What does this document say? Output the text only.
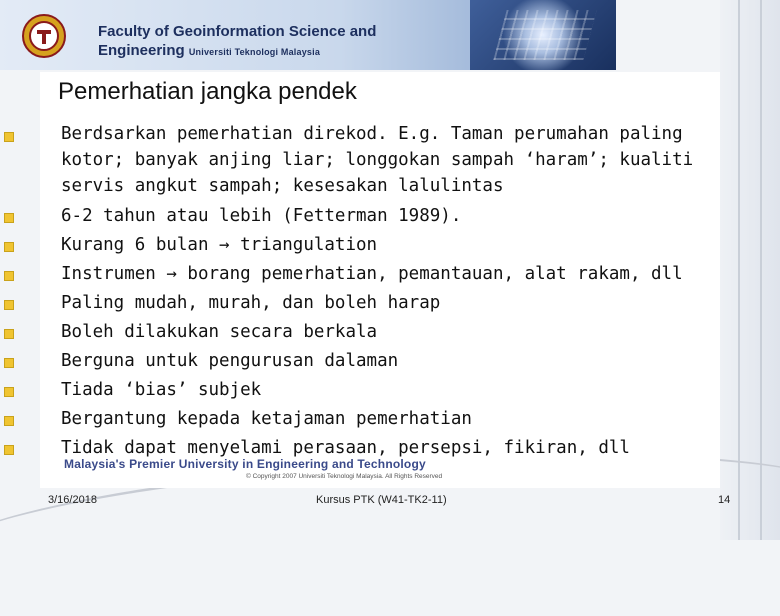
Faculty of Geoinformation Science and
Engineering Universiti Teknologi Malaysia
Pemerhatian jangka pendek
Berdsarkan pemerhatian direkod. E.g. Taman perumahan paling kotor; banyak anjing liar; longgokan sampah ‘haram’; kualiti servis angkut sampah; kesesakan lalulintas
6-2 tahun atau lebih (Fetterman 1989).
Kurang 6 bulan → triangulation
Instrumen → borang pemerhatian, pemantauan, alat rakam, dll
Paling mudah, murah, dan boleh harap
Boleh dilakukan secara berkala
Berguna untuk pengurusan dalaman
Tiada ‘bias’ subjek
Bergantung kepada ketajaman pemerhatian
Tidak dapat menyelami perasaan, persepsi, fikiran, dll
Malaysia's Premier University in Engineering and Technology
© Copyright 2007 Universiti Teknologi Malaysia. All Rights Reserved
3/16/2018	Kursus PTK (W41-TK2-11)	14
